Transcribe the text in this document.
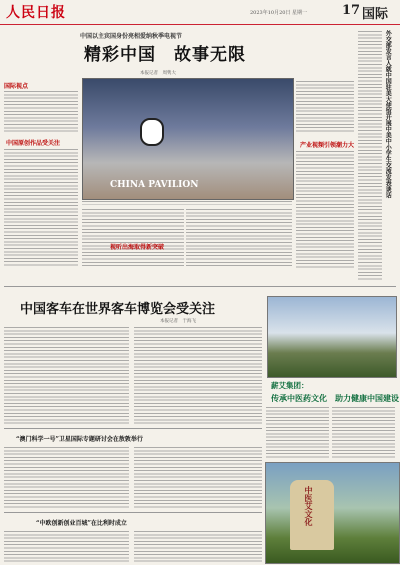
人民日报	2023年10月20日 星期一	17 国际
中国以主宾国身份亮相爱纳秋季电视节
精彩中国　故事无限
本报记者　周隽大
国际视点
中国原创作品受关注
CHINA PAVILION
视听出海取得新突破
产业视频引领潮力大	外交部发言人就中国驻美大使馆开展中美中小学生交流发表谈话
中国客车在世界客车博览会受关注
本报记者　于海飞
“澳门科学一号”卫星国际专题研讨会在敖敦举行
“中欧创新创业百城”在比利时成立
薪艾集团：
传承中医药文化　助力健康中国建设
中医艾文化
